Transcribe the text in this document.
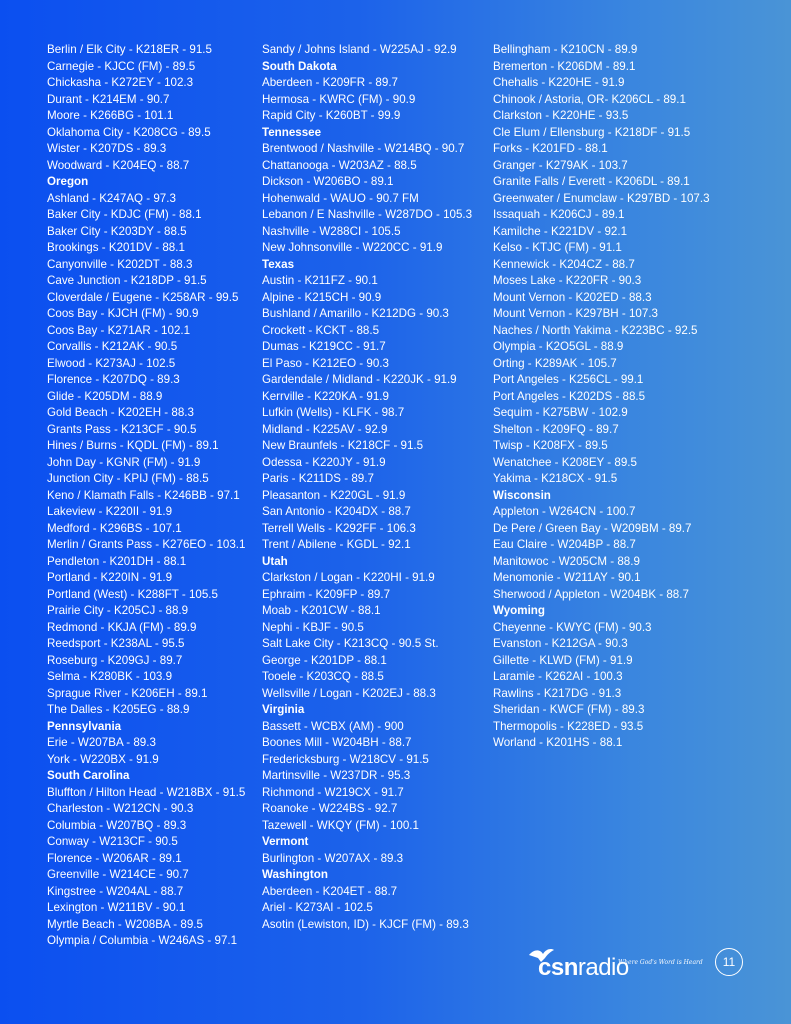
Berlin / Elk City - K218ER - 91.5
Carnegie - KJCC (FM) - 89.5
Chickasha - K272EY - 102.3
Durant - K214EM - 90.7
Moore - K266BG - 101.1
Oklahoma City - K208CG - 89.5
Wister - K207DS - 89.3
Woodward - K204EQ - 88.7
Oregon
Ashland - K247AQ - 97.3
Baker City - KDJC (FM) - 88.1
Baker City - K203DY - 88.5
Brookings - K201DV - 88.1
Canyonville - K202DT - 88.3
Cave Junction - K218DP - 91.5
Cloverdale / Eugene - K258AR - 99.5
Coos Bay - KJCH (FM) - 90.9
Coos Bay - K271AR - 102.1
Corvallis - K212AK - 90.5
Elwood - K273AJ - 102.5
Florence - K207DQ - 89.3
Glide - K205DM - 88.9
Gold Beach - K202EH - 88.3
Grants Pass - K213CF - 90.5
Hines / Burns - KQDL (FM) - 89.1
John Day - KGNR (FM) - 91.9
Junction City - KPIJ (FM) - 88.5
Keno / Klamath Falls - K246BB - 97.1
Lakeview - K220II - 91.9
Medford - K296BS - 107.1
Merlin / Grants Pass - K276EO - 103.1
Pendleton - K201DH - 88.1
Portland - K220IN - 91.9
Portland (West) - K288FT - 105.5
Prairie City - K205CJ - 88.9
Redmond - KKJA (FM) - 89.9
Reedsport - K238AL - 95.5
Roseburg - K209GJ - 89.7
Selma - K280BK - 103.9
Sprague River - K206EH - 89.1
The Dalles - K205EG - 88.9
Pennsylvania
Erie - W207BA - 89.3
York - W220BX - 91.9
South Carolina
Bluffton / Hilton Head - W218BX - 91.5
Charleston - W212CN - 90.3
Columbia - W207BQ - 89.3
Conway - W213CF - 90.5
Florence - W206AR - 89.1
Greenville - W214CE - 90.7
Kingstree - W204AL - 88.7
Lexington - W211BV - 90.1
Myrtle Beach - W208BA - 89.5
Olympia / Columbia - W246AS - 97.1
Sandy / Johns Island - W225AJ - 92.9
South Dakota
Aberdeen - K209FR - 89.7
Hermosa - KWRC (FM) - 90.9
Rapid City - K260BT - 99.9
Tennessee
Brentwood / Nashville - W214BQ - 90.7
Chattanooga - W203AZ - 88.5
Dickson - W206BO - 89.1
Hohenwald - WAUO - 90.7 FM
Lebanon / E Nashville - W287DO - 105.3
Nashville - W288CI - 105.5
New Johnsonville - W220CC - 91.9
Texas
Austin - K211FZ - 90.1
Alpine - K215CH - 90.9
Bushland / Amarillo - K212DG - 90.3
Crockett - KCKT - 88.5
Dumas - K219CC - 91.7
El Paso - K212EO - 90.3
Gardendale / Midland - K220JK - 91.9
Kerrville - K220KA - 91.9
Lufkin (Wells) - KLFK - 98.7
Midland - K225AV - 92.9
New Braunfels - K218CF - 91.5
Odessa - K220JY - 91.9
Paris - K211DS - 89.7
Pleasanton - K220GL - 91.9
San Antonio - K204DX - 88.7
Terrell Wells - K292FF - 106.3
Trent / Abilene - KGDL - 92.1
Utah
Clarkston / Logan - K220HI - 91.9
Ephraim - K209FP - 89.7
Moab - K201CW - 88.1
Nephi - KBJF - 90.5
Salt Lake City - K213CQ - 90.5 St.
George - K201DP - 88.1
Tooele - K203CQ - 88.5
Wellsville / Logan - K202EJ - 88.3
Virginia
Bassett - WCBX (AM) - 900
Boones Mill - W204BH - 88.7
Fredericksburg - W218CV - 91.5
Martinsville - W237DR - 95.3
Richmond - W219CX - 91.7
Roanoke - W224BS - 92.7
Tazewell - WKQY (FM) - 100.1
Vermont
Burlington - W207AX - 89.3
Washington
Aberdeen - K204ET - 88.7
Ariel - K273AI - 102.5
Asotin (Lewiston, ID) - KJCF (FM) - 89.3
Bellingham - K210CN - 89.9
Bremerton - K206DM - 89.1
Chehalis - K220HE - 91.9
Chinook / Astoria, OR- K206CL - 89.1
Clarkston - K220HE - 93.5
Cle Elum / Ellensburg - K218DF - 91.5
Forks - K201FD - 88.1
Granger - K279AK - 103.7
Granite Falls / Everett - K206DL - 89.1
Greenwater / Enumclaw - K297BD - 107.3
Issaquah - K206CJ - 89.1
Kamilche - K221DV - 92.1
Kelso - KTJC (FM) - 91.1
Kennewick - K204CZ - 88.7
Moses Lake - K220FR - 90.3
Mount Vernon - K202ED - 88.3
Mount Vernon - K297BH - 107.3
Naches / North Yakima - K223BC - 92.5
Olympia - K2O5GL - 88.9
Orting - K289AK - 105.7
Port Angeles - K256CL - 99.1
Port Angeles - K202DS - 88.5
Sequim - K275BW - 102.9
Shelton - K209FQ - 89.7
Twisp - K208FX - 89.5
Wenatchee - K208EY - 89.5
Yakima - K218CX - 91.5
Wisconsin
Appleton - W264CN - 100.7
De Pere / Green Bay - W209BM - 89.7
Eau Claire - W204BP - 88.7
Manitowoc - W205CM - 88.9
Menomonie - W211AY - 90.1
Sherwood / Appleton - W204BK - 88.7
Wyoming
Cheyenne - KWYC (FM) - 90.3
Evanston - K212GA - 90.3
Gillette - KLWD (FM) - 91.9
Laramie - K262AI - 100.3
Rawlins - K217DG - 91.3
Sheridan - KWCF (FM) - 89.3
Thermopolis - K228ED - 93.5
Worland - K201HS - 88.1
csnradio
Where God's Word is Heard	11
